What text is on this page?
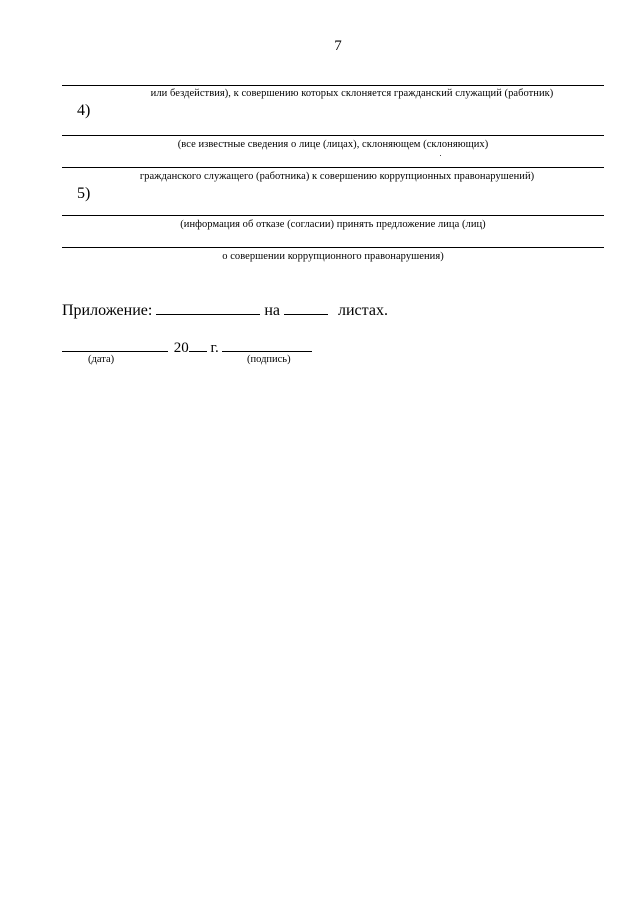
7
или бездействия), к совершению которых склоняется гражданский служащий (работник)
4)
(все известные сведения о лице (лицах), склоняющем (склоняющих)
гражданского служащего (работника) к совершению коррупционных правонарушений)
5)
(информация об отказе (согласии) принять предложение лица (лиц)
о совершении коррупционного правонарушения)
Приложение:	на	листах.
20 г.
(дата)	(подпись)
